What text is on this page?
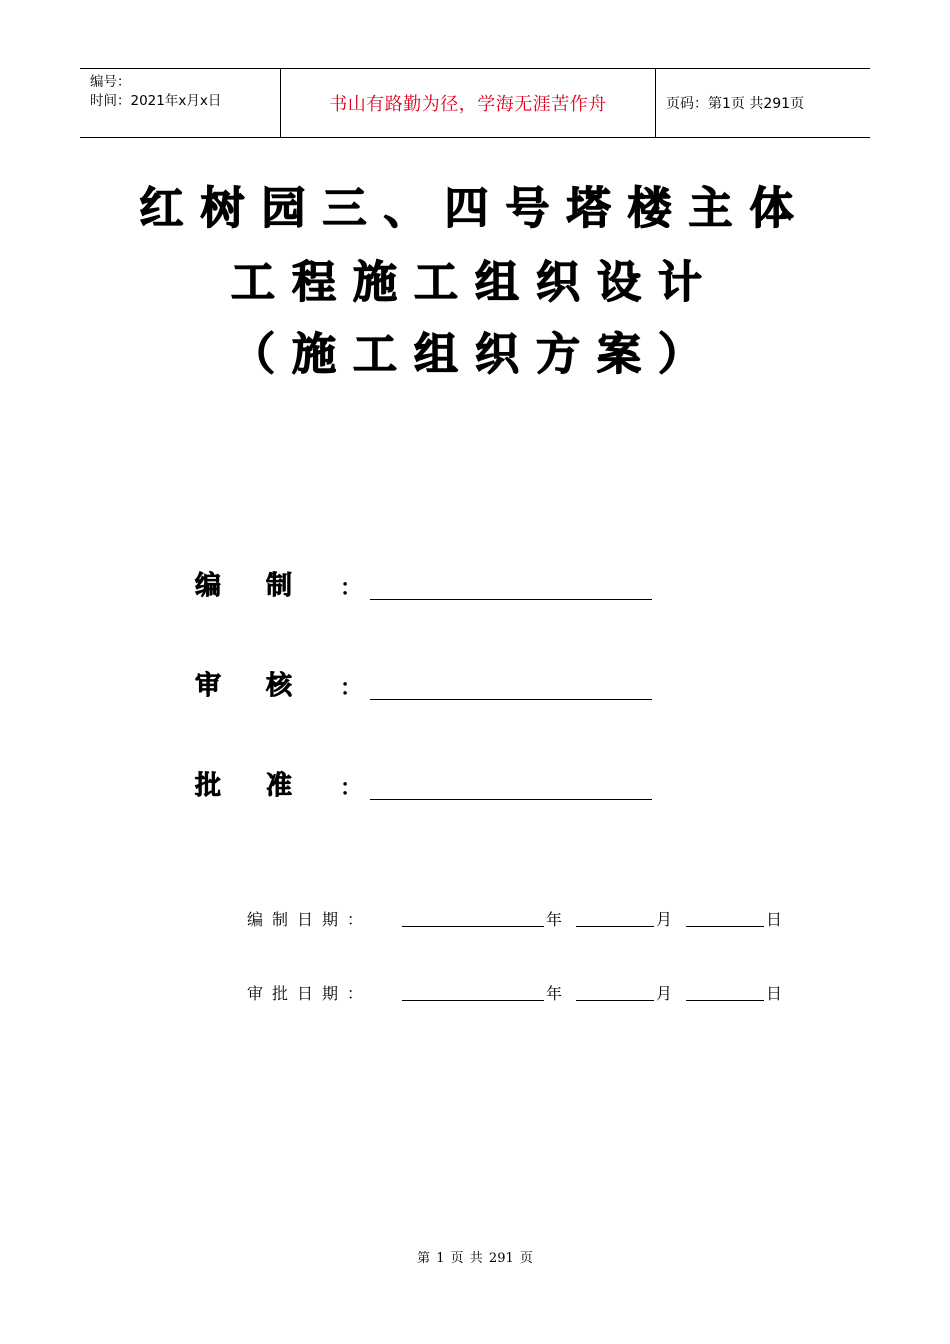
编号：
时间：2021年x月x日	书山有路勤为径，学海无涯苦作舟	页码：第1页 共291页
红树园三、四号塔楼主体
工程施工组织设计
（施工组织方案）
编制 ：
审核 ：
批准 ：
编制日期：	年	月	日
审批日期：	年	月	日
第 1 页 共 291 页
